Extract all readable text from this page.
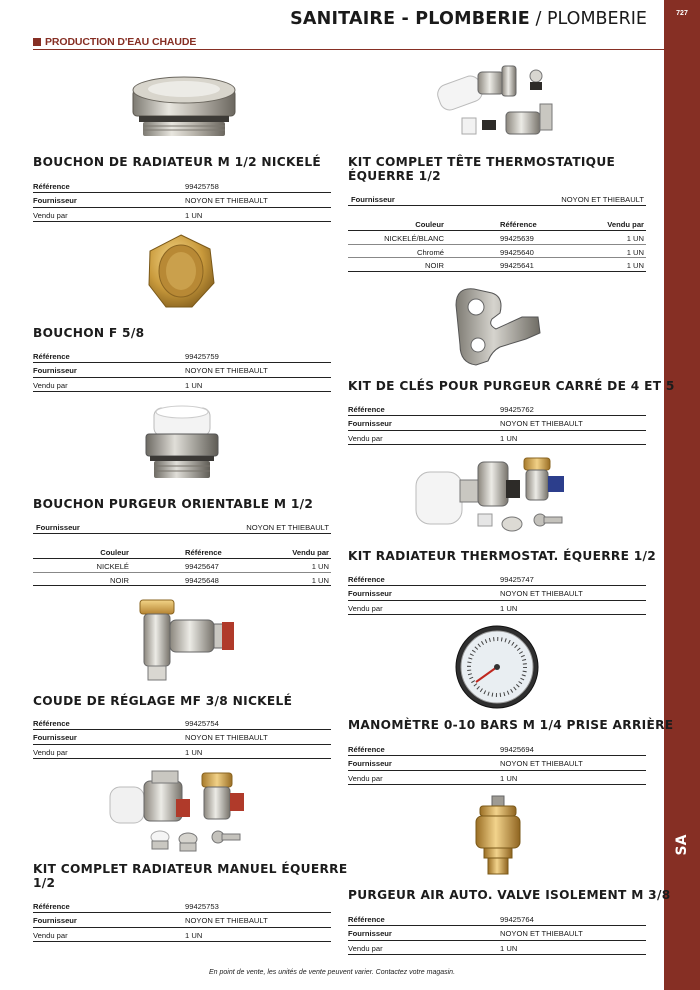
SANITAIRE - PLOMBERIE / PLOMBERIE	727
SA
PRODUCTION D'EAU CHAUDE
BOUCHON DE RADIATEUR M 1/2 NICKELÉ
Référence	99425758
Fournisseur	NOYON ET THIEBAULT
Vendu par	1 UN
BOUCHON F 5/8
Référence	99425759
Fournisseur	NOYON ET THIEBAULT
Vendu par	1 UN
BOUCHON PURGEUR ORIENTABLE M 1/2
Fournisseur	NOYON ET THIEBAULT
Couleur	Référence	Vendu par
NICKELÉ	99425647	1 UN
NOIR	99425648	1 UN
COUDE DE RÉGLAGE MF 3/8 NICKELÉ
Référence	99425754
Fournisseur	NOYON ET THIEBAULT
Vendu par	1 UN
KIT COMPLET RADIATEUR MANUEL ÉQUERRE
1/2
Référence	99425753
Fournisseur	NOYON ET THIEBAULT
Vendu par	1 UN
KIT COMPLET TÊTE THERMOSTATIQUE
ÉQUERRE 1/2
Fournisseur	NOYON ET THIEBAULT
Couleur	Référence	Vendu par
NICKELÉ/BLANC	99425639	1 UN
Chromé	99425640	1 UN
NOIR	99425641	1 UN
KIT DE CLÉS POUR PURGEUR CARRÉ DE 4 ET 5
Référence	99425762
Fournisseur	NOYON ET THIEBAULT
Vendu par	1 UN
KIT RADIATEUR THERMOSTAT. ÉQUERRE 1/2
Référence	99425747
Fournisseur	NOYON ET THIEBAULT
Vendu par	1 UN
MANOMÈTRE 0-10 BARS M 1/4 PRISE ARRIÈRE
Référence	99425694
Fournisseur	NOYON ET THIEBAULT
Vendu par	1 UN
PURGEUR AIR AUTO. VALVE ISOLEMENT M 3/8
Référence	99425764
Fournisseur	NOYON ET THIEBAULT
Vendu par	1 UN
En point de vente, les unités de vente peuvent varier. Contactez votre magasin.
